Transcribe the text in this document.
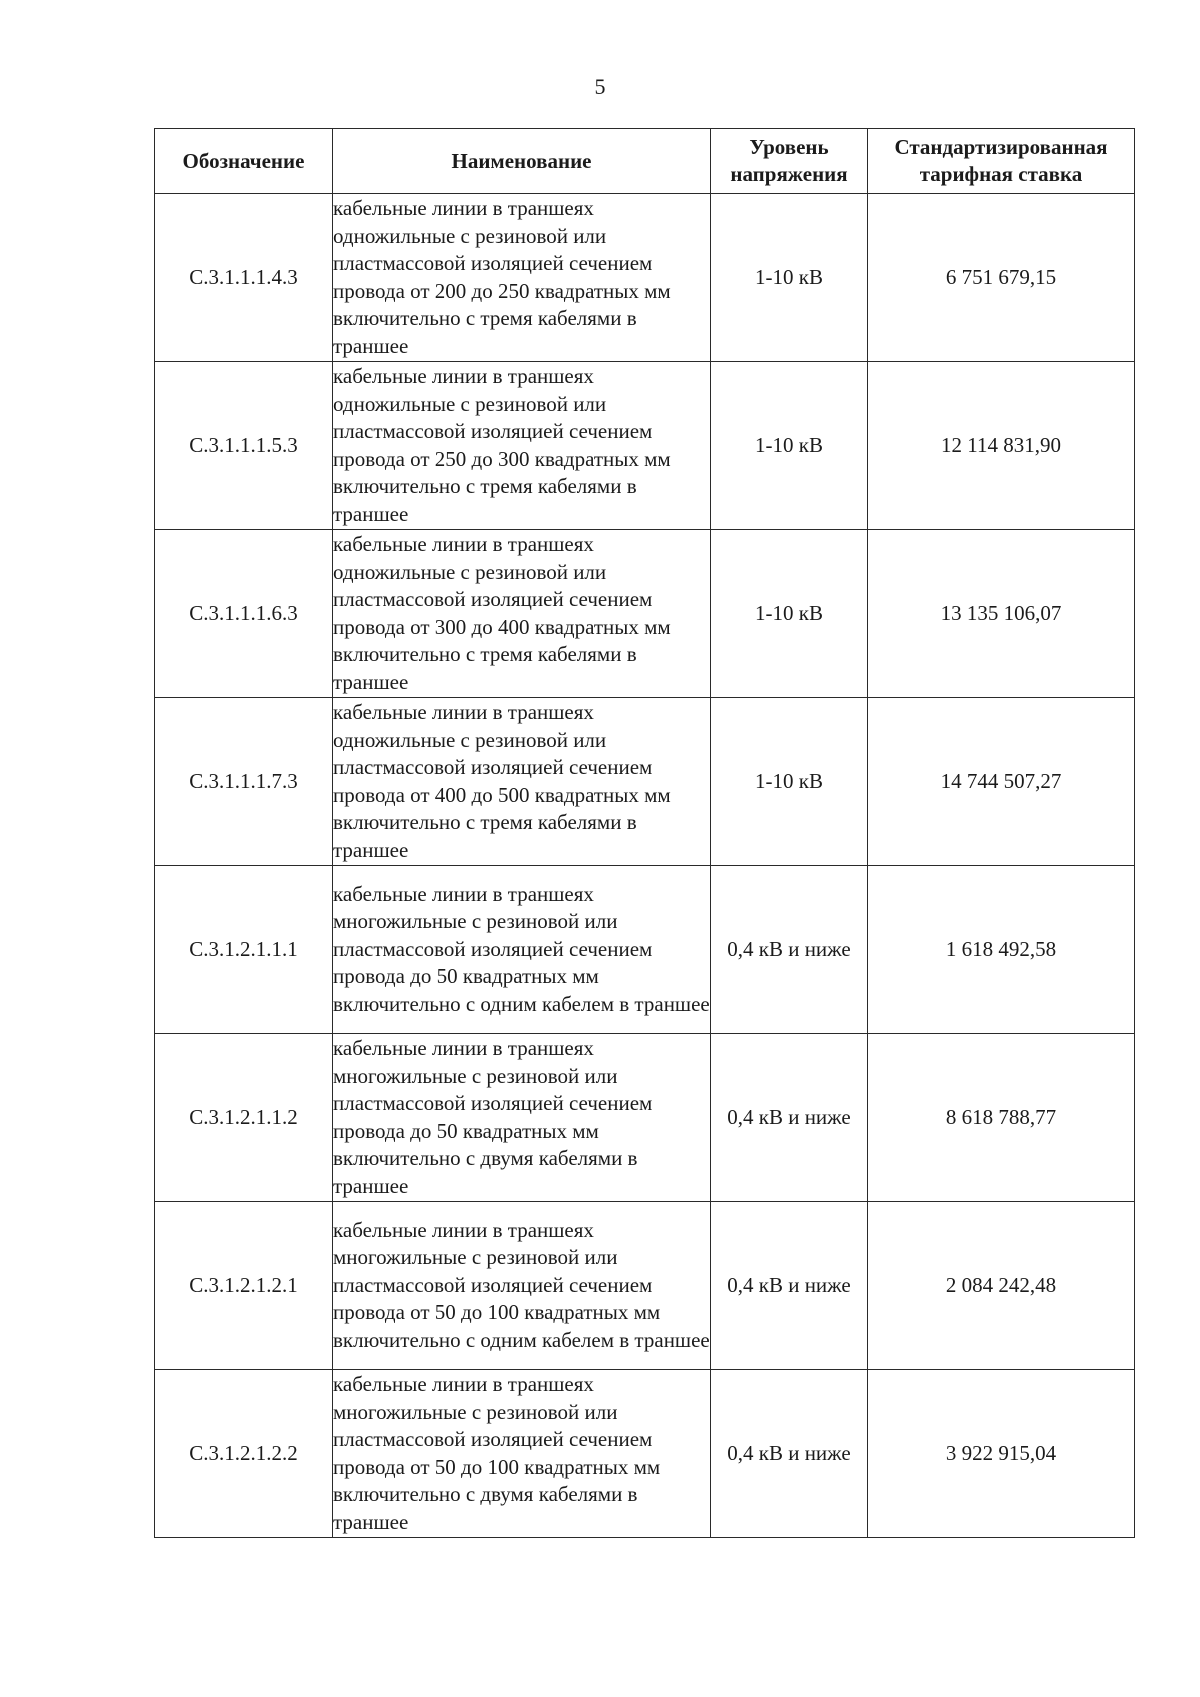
5
Обозначение	Наименование	Уровень напряжения	Стандартизированная тарифная ставка
С.3.1.1.1.4.3	кабельные линии в траншеях одножильные с резиновой или пластмассовой изоляцией сечением провода от 200 до 250 квадратных мм включительно с тремя кабелями в траншее	1-10 кВ	6 751 679,15
С.3.1.1.1.5.3	кабельные линии в траншеях одножильные с резиновой или пластмассовой изоляцией сечением провода от 250 до 300 квадратных мм включительно с тремя кабелями в траншее	1-10 кВ	12 114 831,90
С.3.1.1.1.6.3	кабельные линии в траншеях одножильные с резиновой или пластмассовой изоляцией сечением провода от 300 до 400 квадратных мм включительно с тремя кабелями в траншее	1-10 кВ	13 135 106,07
С.3.1.1.1.7.3	кабельные линии в траншеях одножильные с резиновой или пластмассовой изоляцией сечением провода от 400 до 500 квадратных мм включительно с тремя кабелями в траншее	1-10 кВ	14 744 507,27
С.3.1.2.1.1.1	кабельные линии в траншеях многожильные с резиновой или пластмассовой изоляцией сечением провода до 50 квадратных мм включительно с одним кабелем в траншее	0,4 кВ и ниже	1 618 492,58
С.3.1.2.1.1.2	кабельные линии в траншеях многожильные с резиновой или пластмассовой изоляцией сечением провода до 50 квадратных мм включительно с двумя кабелями в траншее	0,4 кВ и ниже	8 618 788,77
С.3.1.2.1.2.1	кабельные линии в траншеях многожильные с резиновой или пластмассовой изоляцией сечением провода от 50 до 100 квадратных мм включительно с одним кабелем в траншее	0,4 кВ и ниже	2 084 242,48
С.3.1.2.1.2.2	кабельные линии в траншеях многожильные с резиновой или пластмассовой изоляцией сечением провода от 50 до 100 квадратных мм включительно с двумя кабелями в траншее	0,4 кВ и ниже	3 922 915,04
